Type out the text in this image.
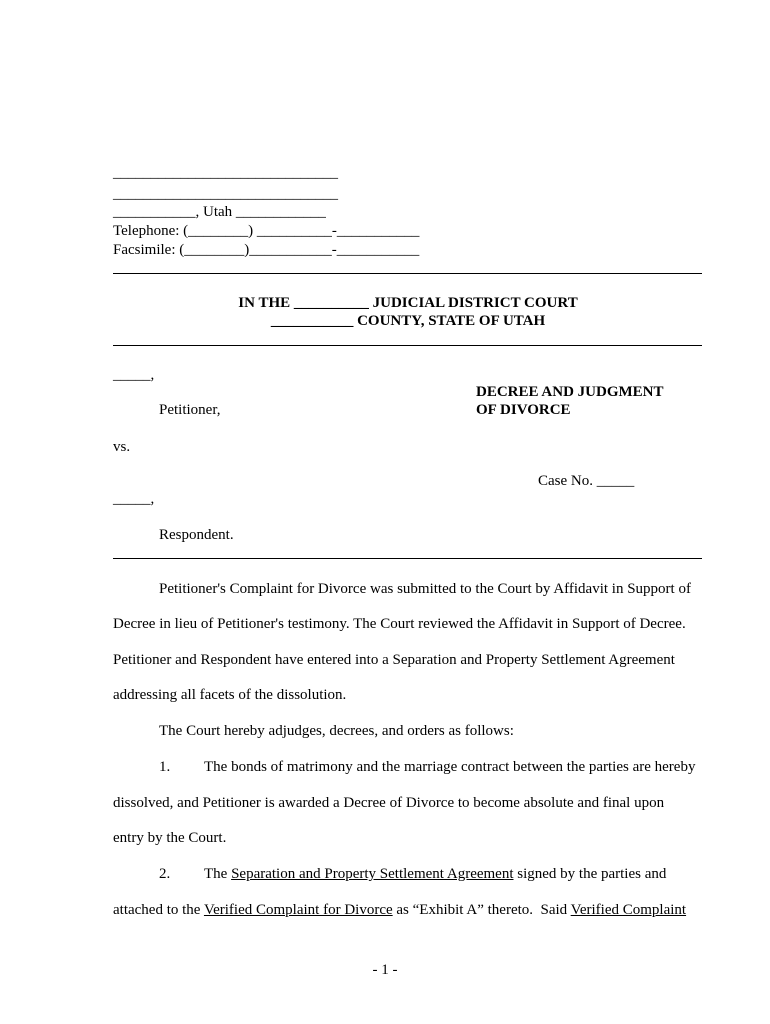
______________________________
______________________________
___________, Utah ____________
Telephone: (________) __________-___________
Facsimile: (________)___________-___________
IN THE __________ JUDICIAL DISTRICT COURT
___________ COUNTY, STATE OF UTAH
_____,
DECREE AND JUDGMENT
Petitioner,	OF DIVORCE
vs.
Case No. _____
_____,
Respondent.
Petitioner's Complaint for Divorce was submitted to the Court by Affidavit in Support of
Decree in lieu of Petitioner's testimony. The Court reviewed the Affidavit in Support of Decree.
Petitioner and Respondent have entered into a Separation and Property Settlement Agreement
addressing all facets of the dissolution.
The Court hereby adjudges, decrees, and orders as follows:
1. The bonds of matrimony and the marriage contract between the parties are hereby
dissolved, and Petitioner is awarded a Decree of Divorce to become absolute and final upon
entry by the Court.
2. The Separation and Property Settlement Agreement signed by the parties and
attached to the Verified Complaint for Divorce as “Exhibit A” thereto.  Said Verified Complaint
- 1 -
